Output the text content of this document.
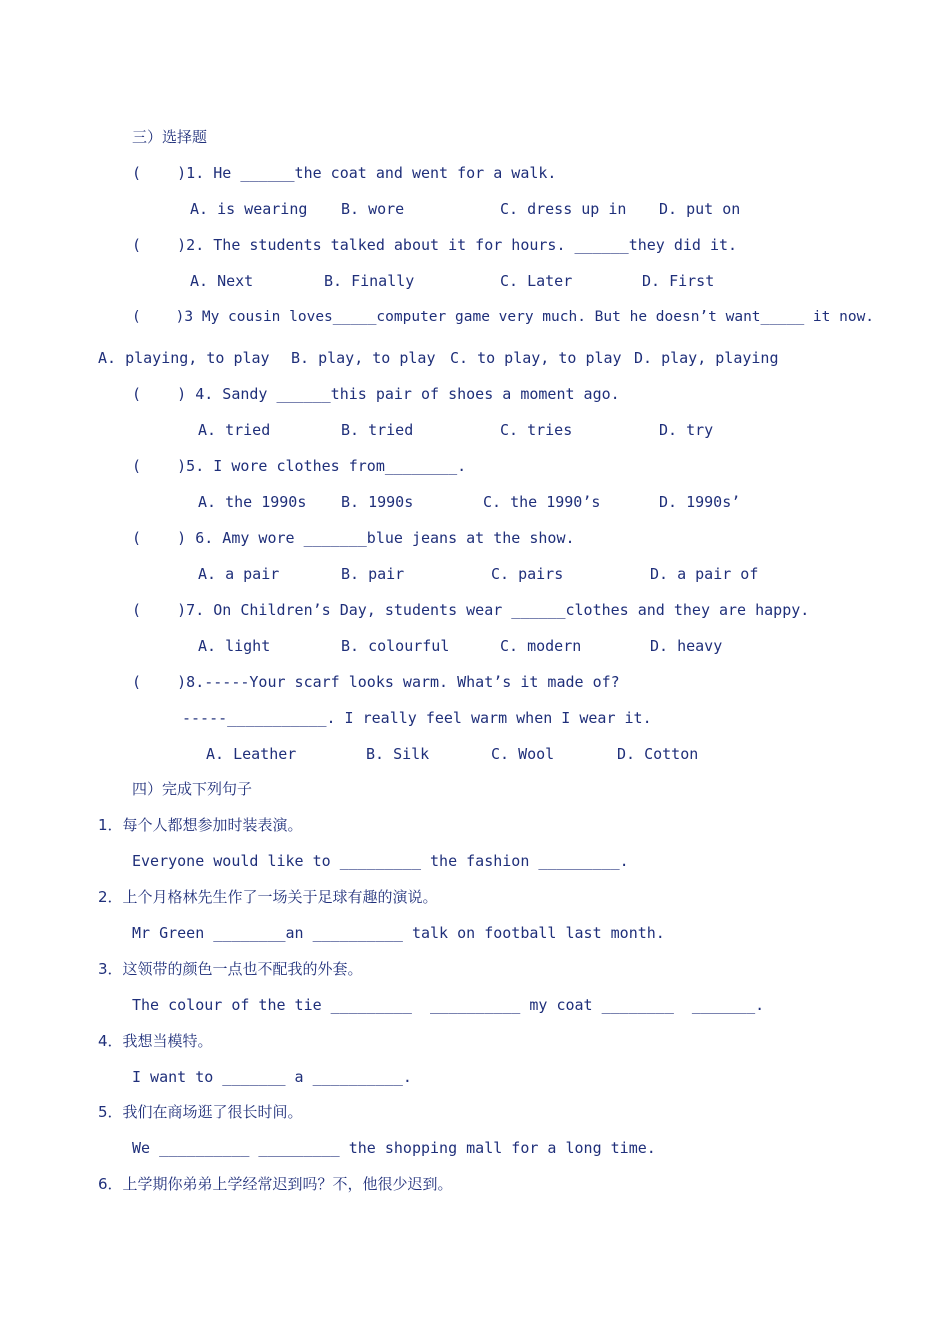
三）选择题
(    )1. He ______the coat and went for a walk.
A. is wearing B. wore	C. dress up in D. put on
(    )2. The students talked about it for hours. ______they did it.
A. Next	B. Finally	C. Later	D. First
(    )3 My cousin loves_____computer game very much. But he doesn’t want_____ it now.
A. playing, to play B. play, to play C. to play, to play D. play, playing
(    ) 4. Sandy ______this pair of shoes a moment ago.
A. tried	B. tried	C. tries	D. try
(    )5. I wore clothes from________.
A. the 1990s B. 1990s	C. the 1990’s	D. 1990s’
(    ) 6. Amy wore _______blue jeans at the show.
A. a pair	B. pair	C. pairs	D. a pair of
(    )7. On Children’s Day, students wear ______clothes and they are happy.
A. light	B. colourful	C. modern	D. heavy
(    )8.-----Your scarf looks warm. What’s it made of?
-----___________. I really feel warm when I wear it.
A. Leather	B. Silk	C. Wool	D. Cotton
四）完成下列句子
1．每个人都想参加时装表演。
Everyone would like to _________ the fashion _________.
2．上个月格林先生作了一场关于足球有趣的演说。
Mr Green ________an __________ talk on football last month.
3．这领带的颜色一点也不配我的外套。
The colour of the tie _________  __________ my coat ________  _______.
4．我想当模特。
I want to _______ a __________.
5．我们在商场逛了很长时间。
We __________ _________ the shopping mall for a long time.
6．上学期你弟弟上学经常迟到吗？不，他很少迟到。
